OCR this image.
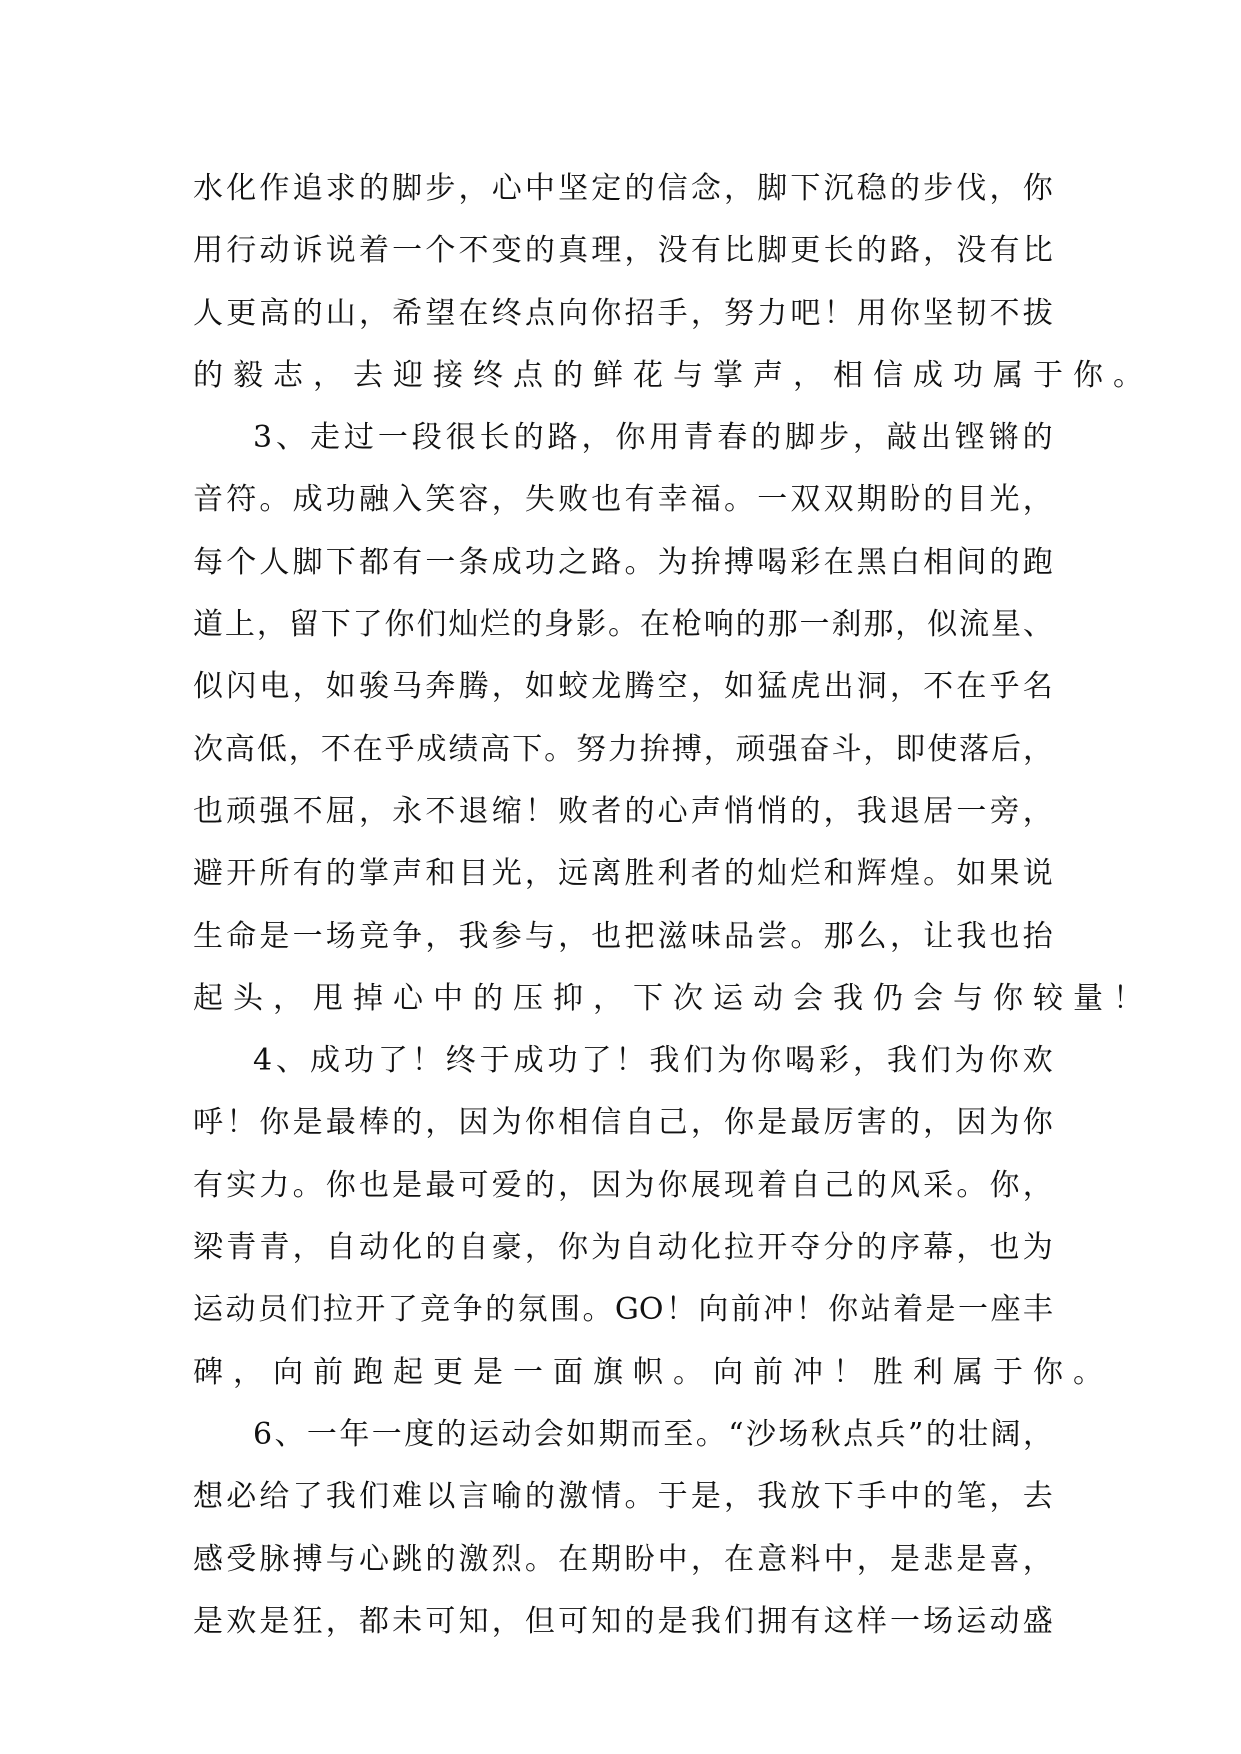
水 化 作 追 求 的 脚 步 ， 心 中 坚 定 的 信 念 ， 脚 下 沉 稳 的 步 伐 ， 你
用 行 动 诉 说 着 一 个 不 变 的 真 理 ， 没 有 比 脚 更 长 的 路 ， 没 有 比
人 更 高 的 山 ， 希 望 在 终 点 向 你 招 手 ， 努 力 吧 ！ 用 你 坚 韧 不 拔
的 毅 志 ， 去 迎 接 终 点 的 鲜 花 与 掌 声 ， 相 信 成 功 属 于 你 。
3 、 走 过 一 段 很 长 的 路 ， 你 用 青 春 的 脚 步 ， 敲 出 铿 锵 的
音 符 。 成 功 融 入 笑 容 ， 失 败 也 有 幸 福 。 一 双 双 期 盼 的 目 光 ，
每 个 人 脚 下 都 有 一 条 成 功 之 路 。 为 拚 搏 喝 彩 在 黑 白 相 间 的 跑
道 上 ， 留 下 了 你 们 灿 烂 的 身 影 。 在 枪 响 的 那 一 刹 那 ， 似 流 星 、
似 闪 电 ， 如 骏 马 奔 腾 ， 如 蛟 龙 腾 空 ， 如 猛 虎 出 洞 ， 不 在 乎 名
次 高 低 ， 不 在 乎 成 绩 高 下 。 努 力 拚 搏 ， 顽 强 奋 斗 ， 即 使 落 后 ，
也 顽 强 不 屈 ， 永 不 退 缩 ！ 败 者 的 心 声 悄 悄 的 ， 我 退 居 一 旁 ，
避 开 所 有 的 掌 声 和 目 光 ， 远 离 胜 利 者 的 灿 烂 和 辉 煌 。 如 果 说
生 命 是 一 场 竞 争 ， 我 参 与 ， 也 把 滋 味 品 尝 。 那 么 ， 让 我 也 抬
起 头 ， 甩 掉 心 中 的 压 抑 ， 下 次 运 动 会 我 仍 会 与 你 较 量 ！
4 、 成 功 了 ！ 终 于 成 功 了 ！ 我 们 为 你 喝 彩 ， 我 们 为 你 欢
呼 ！ 你 是 最 棒 的 ， 因 为 你 相 信 自 己 ， 你 是 最 厉 害 的 ， 因 为 你
有 实 力 。 你 也 是 最 可 爱 的 ， 因 为 你 展 现 着 自 己 的 风 采 。 你 ，
梁 青 青 ， 自 动 化 的 自 豪 ， 你 为 自 动 化 拉 开 夺 分 的 序 幕 ， 也 为
运 动 员 们 拉 开 了 竞 争 的 氛 围 。 GO ！ 向 前 冲 ！ 你 站 着 是 一 座 丰
碑 ， 向 前 跑 起 更 是 一 面 旗 帜 。 向 前 冲 ！ 胜 利 属 于 你 。
6 、 一 年 一 度 的 运 动 会 如 期 而 至 。 “ 沙 场 秋 点 兵 ” 的 壮 阔 ，
想 必 给 了 我 们 难 以 言 喻 的 激 情 。 于 是 ， 我 放 下 手 中 的 笔 ， 去
感 受 脉 搏 与 心 跳 的 激 烈 。 在 期 盼 中 ， 在 意 料 中 ， 是 悲 是 喜 ，
是 欢 是 狂 ， 都 未 可 知 ， 但 可 知 的 是 我 们 拥 有 这 样 一 场 运 动 盛
